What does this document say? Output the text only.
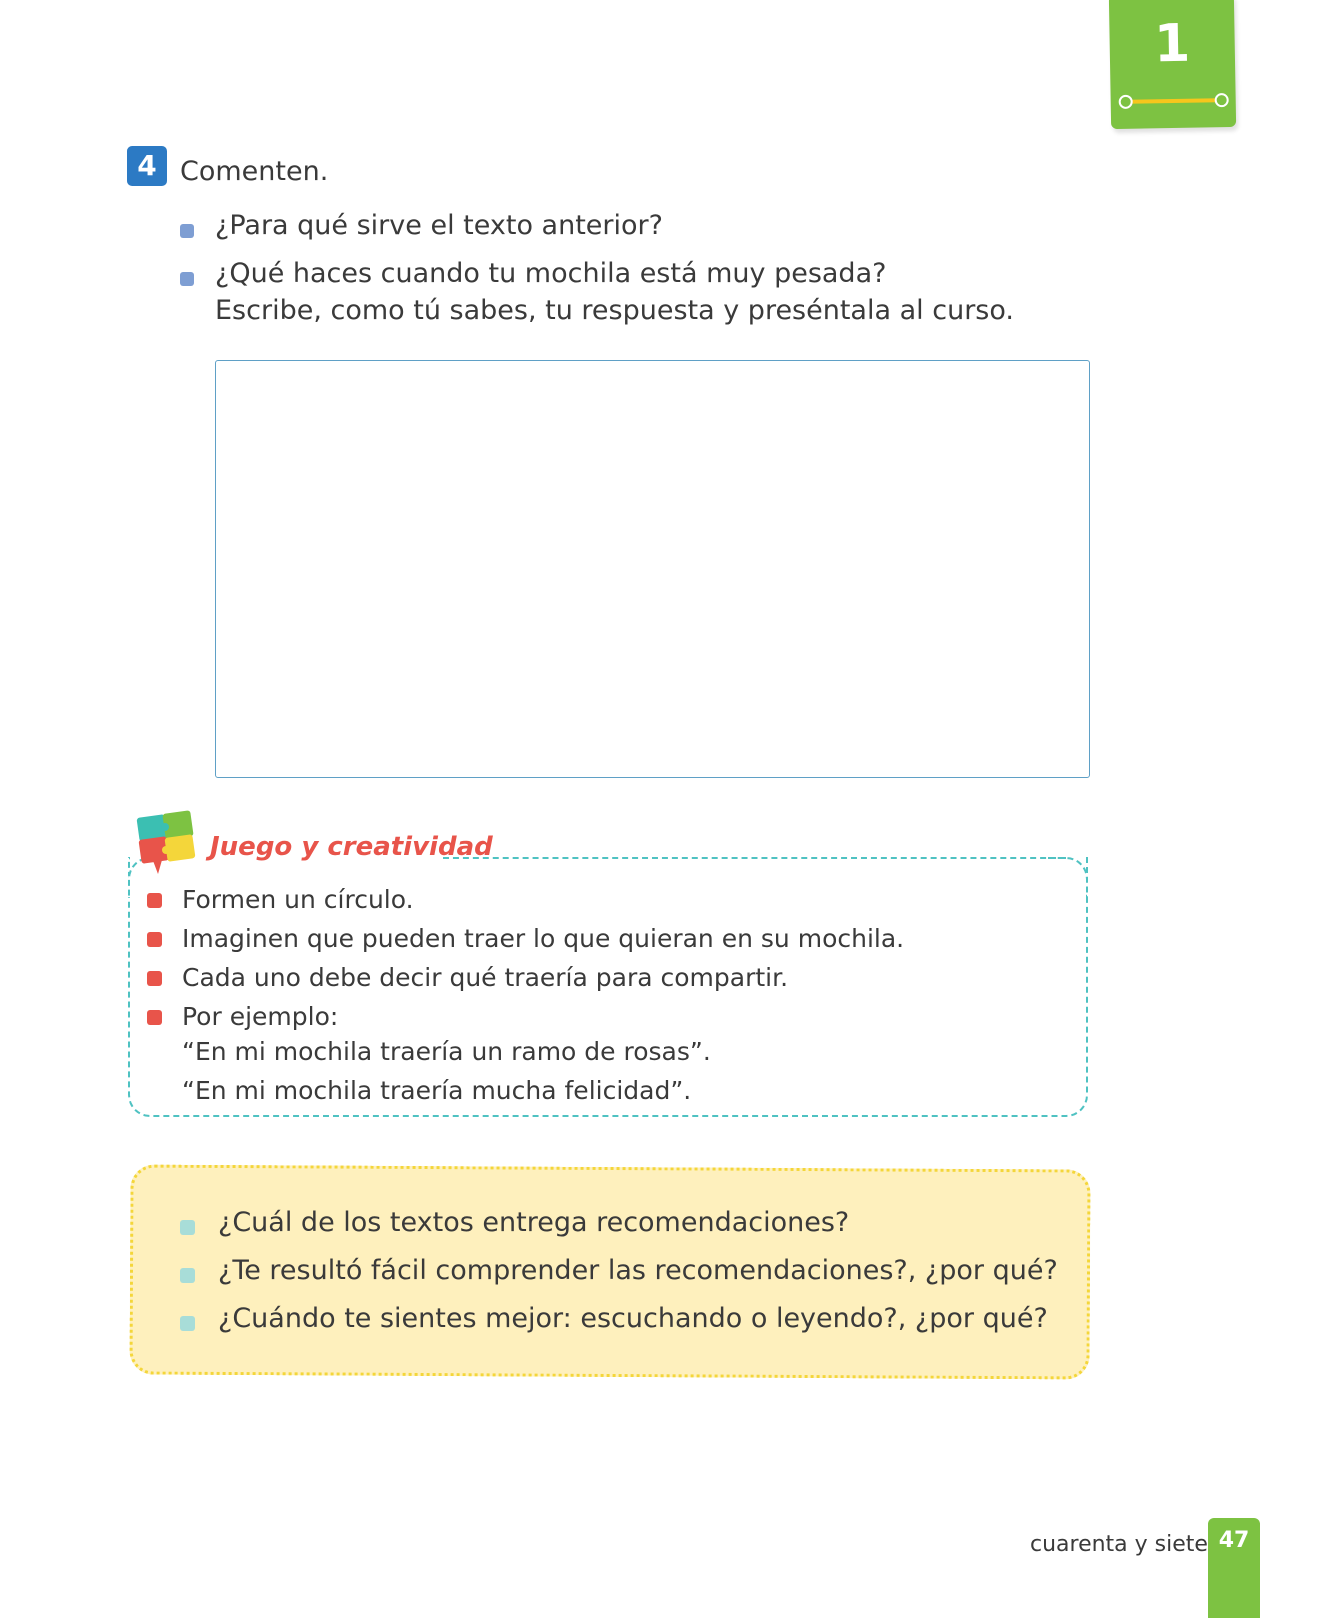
1
4 Comenten.
¿Para qué sirve el texto anterior?
¿Qué haces cuando tu mochila está muy pesada?
Escribe, como tú sabes, tu respuesta y preséntala al curso.
Juego y creatividad
Formen un círculo.
Imaginen que pueden traer lo que quieran en su mochila.
Cada uno debe decir qué traería para compartir.
Por ejemplo:
“En mi mochila traería un ramo de rosas”.
“En mi mochila traería mucha felicidad”.
¿Cuál de los textos entrega recomendaciones?
¿Te resultó fácil comprender las recomendaciones?, ¿por qué?
¿Cuándo te sientes mejor: escuchando o leyendo?, ¿por qué?
cuarenta y siete 47
